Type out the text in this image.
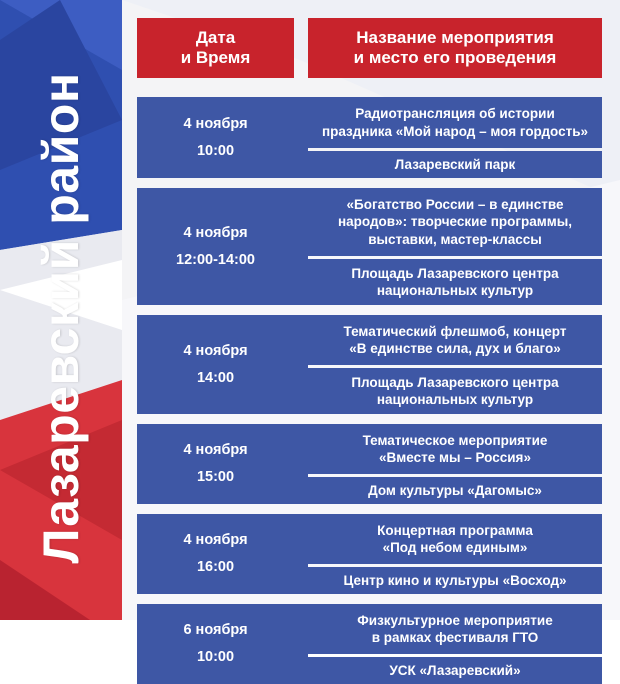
Лазаревский район
Дата
и Время
Название мероприятия
и место его проведения
4 ноября
10:00
Радиотрансляция об истории
праздника «Мой народ – моя гордость»
Лазаревский парк
4 ноября
12:00-14:00
«Богатство России – в единстве
народов»: творческие программы,
выставки, мастер-классы
Площадь Лазаревского центра
национальных культур
4 ноября
14:00
Тематический флешмоб, концерт
«В единстве сила, дух и благо»
Площадь Лазаревского центра
национальных культур
4 ноября
15:00
Тематическое мероприятие
«Вместе мы – Россия»
Дом культуры «Дагомыс»
4 ноября
16:00
Концертная программа
«Под небом единым»
Центр кино и культуры «Восход»
6 ноября
10:00
Физкультурное мероприятие
в рамках фестиваля ГТО
УСК «Лазаревский»
